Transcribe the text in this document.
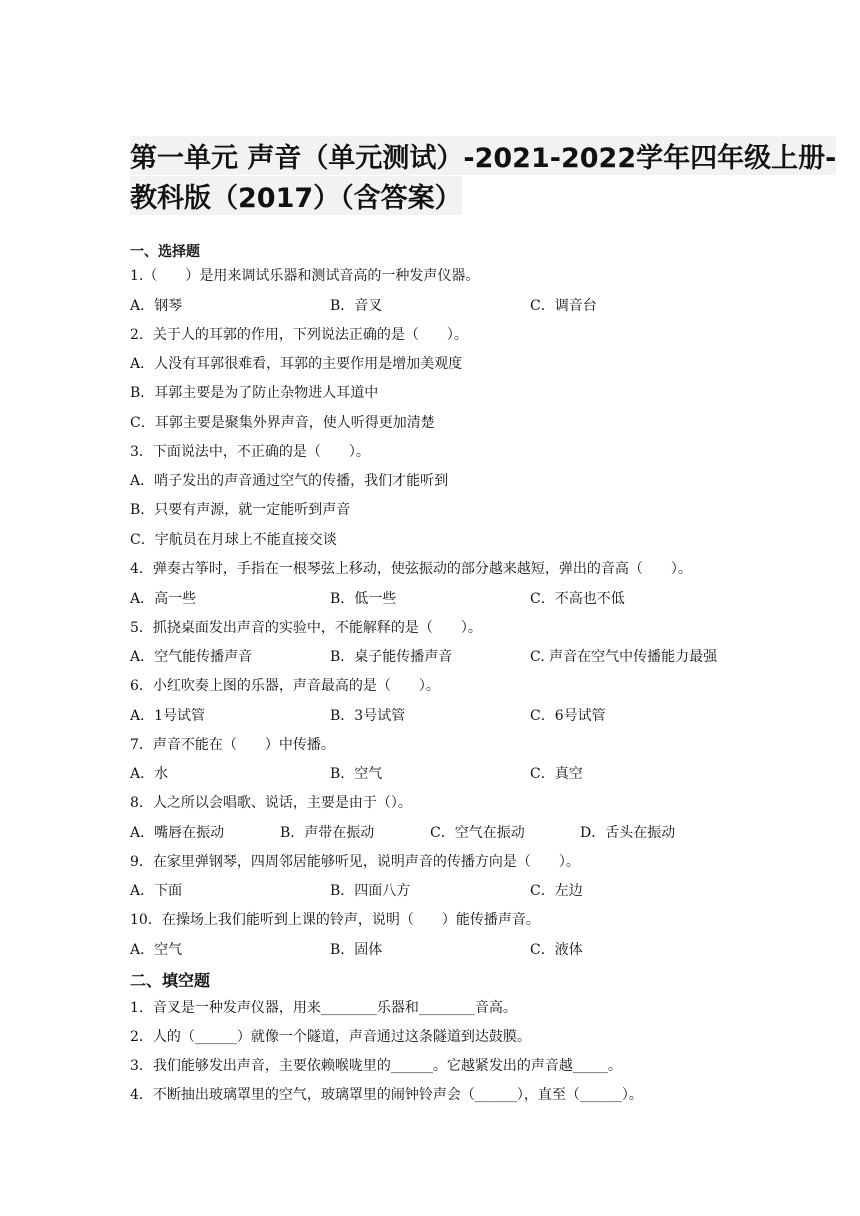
第一单元 声音（单元测试）-2021-2022学年四年级上册-
教科版（2017）（含答案）
一、选择题
1.（　　）是用来调试乐器和测试音高的一种发声仪器。
A．钢琴	B．音叉	C．调音台
2．关于人的耳郭的作用，下列说法正确的是（　　）。
A．人没有耳郭很难看，耳郭的主要作用是增加美观度
B．耳郭主要是为了防止杂物进人耳道中
C．耳郭主要是聚集外界声音，使人听得更加清楚
3．下面说法中，不正确的是（　　）。
A．哨子发出的声音通过空气的传播，我们才能听到
B．只要有声源，就一定能听到声音
C．宇航员在月球上不能直接交谈
4．弹奏古筝时，手指在一根琴弦上移动，使弦振动的部分越来越短，弹出的音高（　　）。
A．高一些	B．低一些	C．不高也不低
5．抓挠桌面发出声音的实验中，不能解释的是（　　）。
A．空气能传播声音	B．桌子能传播声音	C. 声音在空气中传播能力最强
6．小红吹奏上图的乐器，声音最高的是（　　）。
A．1号试管	B．3号试管	C．6号试管
7．声音不能在（　　）中传播。
A．水	B．空气	C．真空
8．人之所以会唱歌、说话，主要是由于（）。
A．嘴唇在振动	B．声带在振动	C．空气在振动	D．舌头在振动
9．在家里弹钢琴，四周邻居能够听见，说明声音的传播方向是（　　）。
A．下面	B．四面八方	C．左边
10．在操场上我们能听到上课的铃声，说明（　　）能传播声音。
A．空气	B．固体	C．液体
二、填空题
1．音叉是一种发声仪器，用来________乐器和________音高。
2．人的（______）就像一个隧道，声音通过这条隧道到达鼓膜。
3．我们能够发出声音，主要依赖喉咙里的______。它越紧发出的声音越_____。
4．不断抽出玻璃罩里的空气，玻璃罩里的闹钟铃声会（______），直至（______）。
